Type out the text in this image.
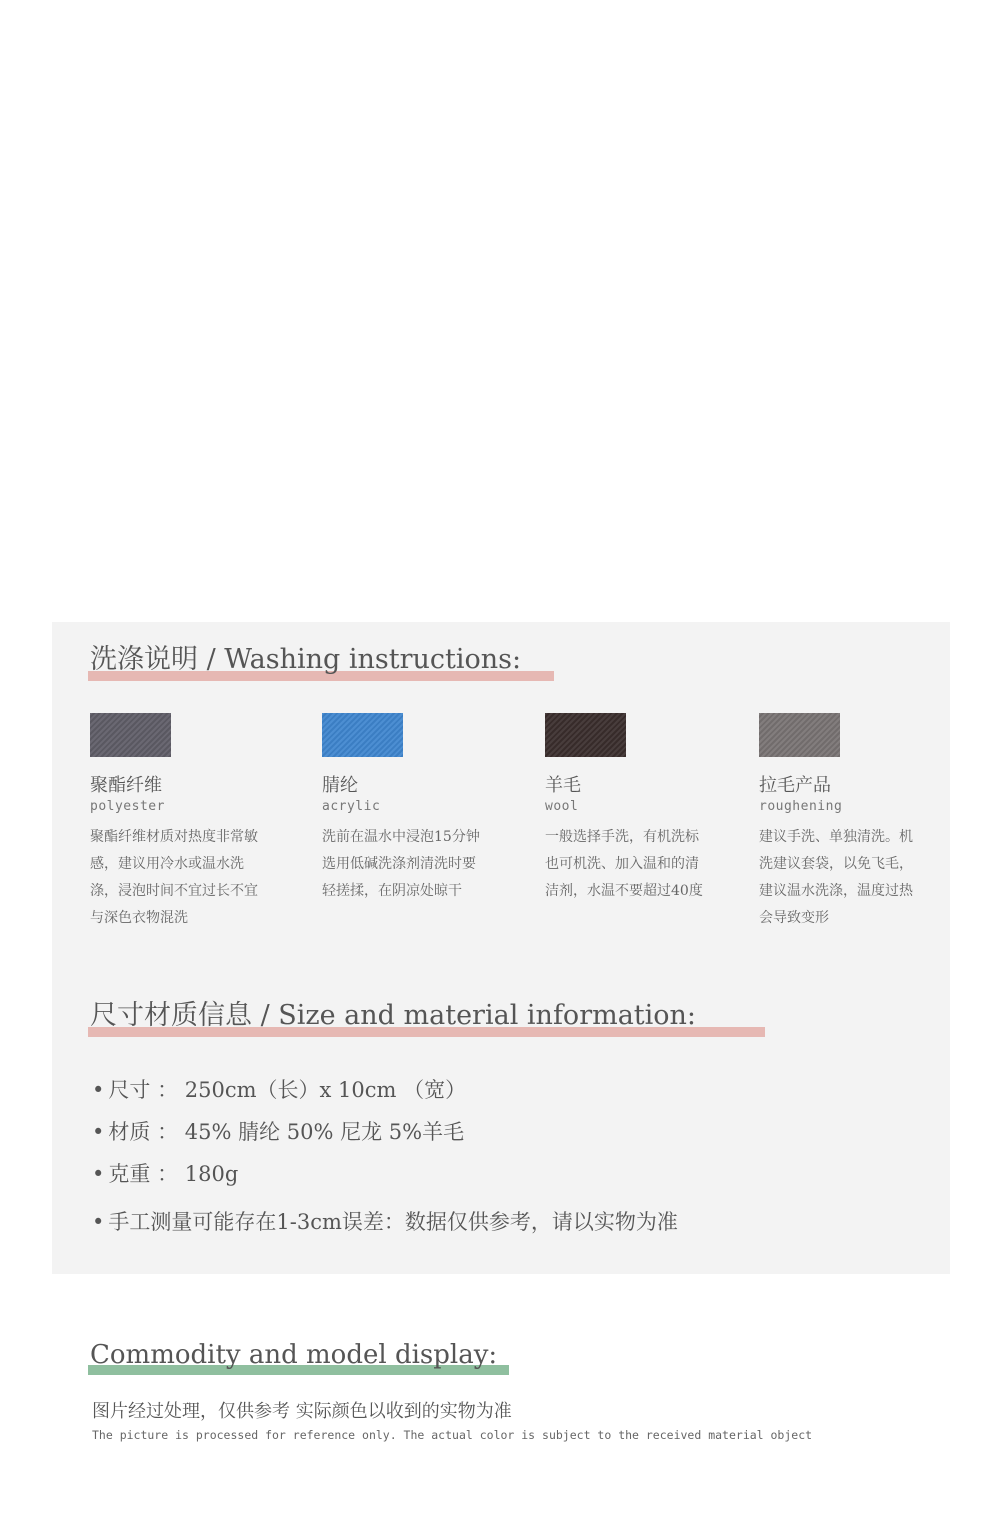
洗涤说明 / Washing instructions:
聚酯纤维
polyester
聚酯纤维材质对热度非常敏感，建议用冷水或温水洗涤，浸泡时间不宜过长不宜与深色衣物混洗
腈纶
acrylic
洗前在温水中浸泡15分钟选用低碱洗涤剂清洗时要轻搓揉，在阴凉处晾干
羊毛
wool
一般选择手洗，有机洗标也可机洗、加入温和的清洁剂，水温不要超过40度
拉毛产品
roughening
建议手洗、单独清洗。机洗建议套袋，以免飞毛，建议温水洗涤，温度过热会导致变形
尺寸材质信息 / Size and material information:
• 尺寸 ： 250cm（长）x 10cm （宽）
• 材质 ： 45% 腈纶 50% 尼龙 5%羊毛
• 克重 ： 180g
• 手工测量可能存在1-3cm误差：数据仅供参考，请以实物为准
Commodity and model display:
图片经过处理，仅供参考 实际颜色以收到的实物为准
The picture is processed for reference only. The actual color is subject to the received material object
